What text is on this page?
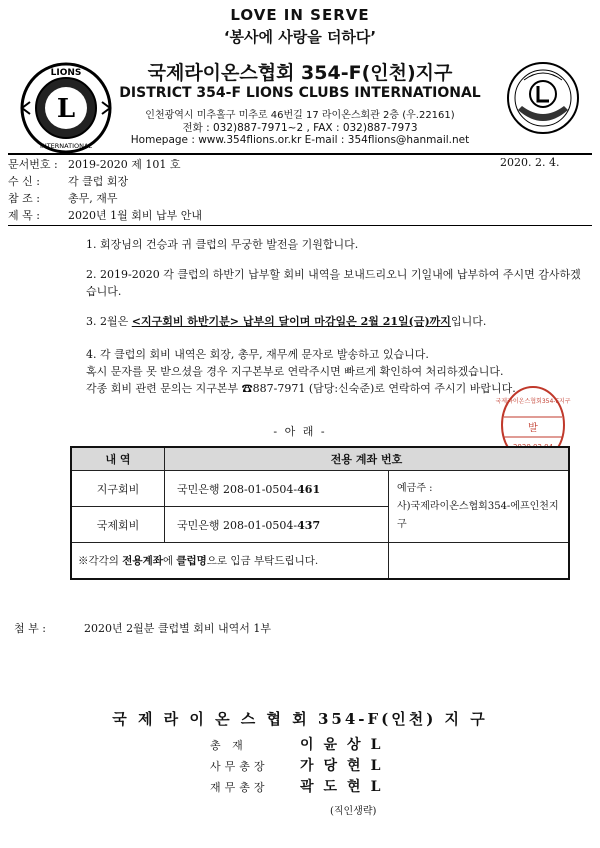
LOVE IN SERVE
‘봉사에 사랑을 더하다’
L
LIONS
INTERNATIONAL
국제라이온스협회 354-F(인천)지구
DISTRICT 354-F LIONS CLUBS INTERNATIONAL
인천광역시 미추홀구 미추로 46번길 17 라이온스회관 2층 (우.22161)
전화 : 032)887-7971~2 , FAX : 032)887-7973
Homepage : www.354flions.or.kr E-mail : 354flions@hanmail.net
문서번호 : 2019-2020 제 101 호	2020. 2. 4.
수 신 :	각 클럽 회장
참 조 :	총무, 재무
제 목 :	2020년 1월 회비 납부 안내
1. 회장님의 건승과 귀 클럽의 무궁한 발전을 기원합니다.
2. 2019-2020 각 클럽의 하반기 납부할 회비 내역을 보내드리오니 기일내에 납부하여 주시면 감사하겠습니다.
3. 2월은 <지구회비 하반기분> 납부의 달이며 마감일은 2월 21일(금)까지입니다.
4. 각 클럽의 회비 내역은 회장, 총무, 재무께 문자로 발송하고 있습니다.
혹시 문자를 못 받으셨을 경우 지구본부로 연락주시면 빠르게 확인하여 처리하겠습니다.
각종 회비 관련 문의는 지구본부 ☎887-7971 (담당:신숙준)로 연락하여 주시기 바랍니다.
- 아 래 -
국제라이온스협회354-F지구
발
내 역	전용 계좌 번호	
지구회비	국민은행 208-01-0504-461	예금주 :
사)국제라이온스협회354-에프인천지구

국제회비	국민은행 208-01-0504-437	
※각각의 전용계좌에 클럽명으로 입금 부탁드립니다.		
첨 부 :	2020년 2월분 클럽별 회비 내역서 1부
국 제 라 이 온 스 협 회 354-F(인천) 지 구
총 재	이윤상L
사무총장 가당현L
재무총장 곽도현L
(직인생략)
